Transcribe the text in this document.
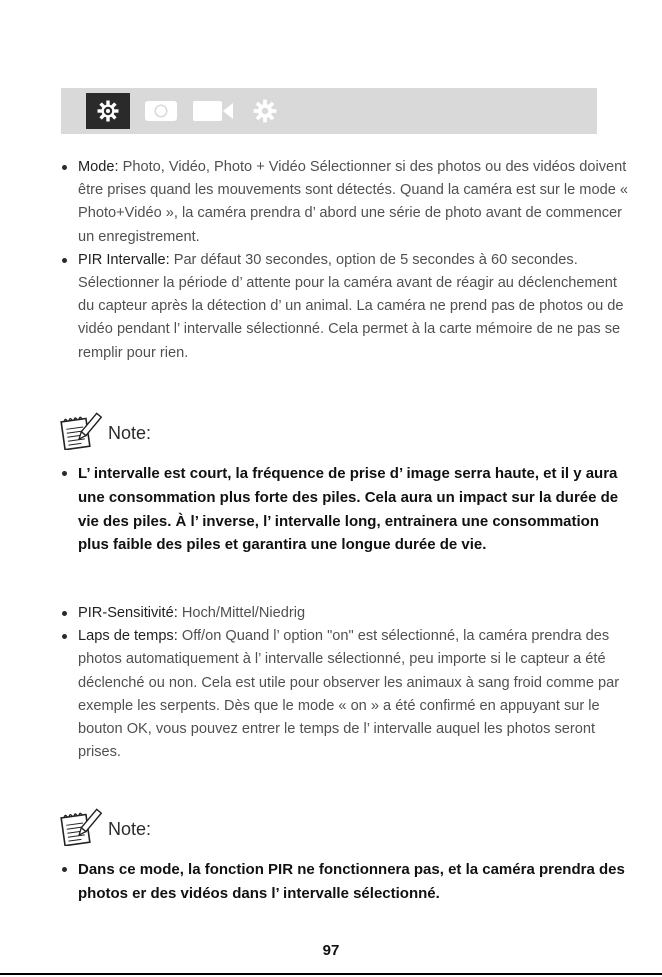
Mode: Photo, Vidéo, Photo + Vidéo Sélectionner si des photos ou des vidéos doivent être prises quand les mouvements sont détectés. Quand la caméra est sur le mode « Photo+Vidéo », la caméra prendra d’ abord une série de photo avant de commencer un enregistrement.
PIR Intervalle: Par défaut 30 secondes, option de 5 secondes à 60 secondes. Sélectionner la période d’ attente pour la caméra avant de réagir au déclenchement du capteur après la détection d’ un animal. La caméra ne prend pas de photos ou de vidéo pendant l’ intervalle sélectionné. Cela permet à la carte mémoire de ne pas se remplir pour rien.
Note:
L’ intervalle est court, la fréquence de prise d’ image serra haute, et il y aura une consommation plus forte des piles. Cela aura un impact sur la durée de vie des piles. À l’ inverse, l’ intervalle long, entrainera une consommation plus faible des piles et garantira une longue durée de vie.
PIR-Sensitivité: Hoch/Mittel/Niedrig
Laps de temps: Off/on Quand l’ option "on" est sélectionné, la caméra prendra des photos automatiquement à l’ intervalle sélectionné, peu importe si le capteur a été déclenché ou non. Cela est utile pour observer les animaux à sang froid comme par exemple les serpents. Dès que le mode « on » a été confirmé en appuyant sur le bouton OK, vous pouvez entrer le temps de l’ intervalle auquel les photos seront prises.
Note:
Dans ce mode, la fonction PIR ne fonctionnera pas, et la caméra prendra des photos er des vidéos dans l’ intervalle sélectionné.
97
